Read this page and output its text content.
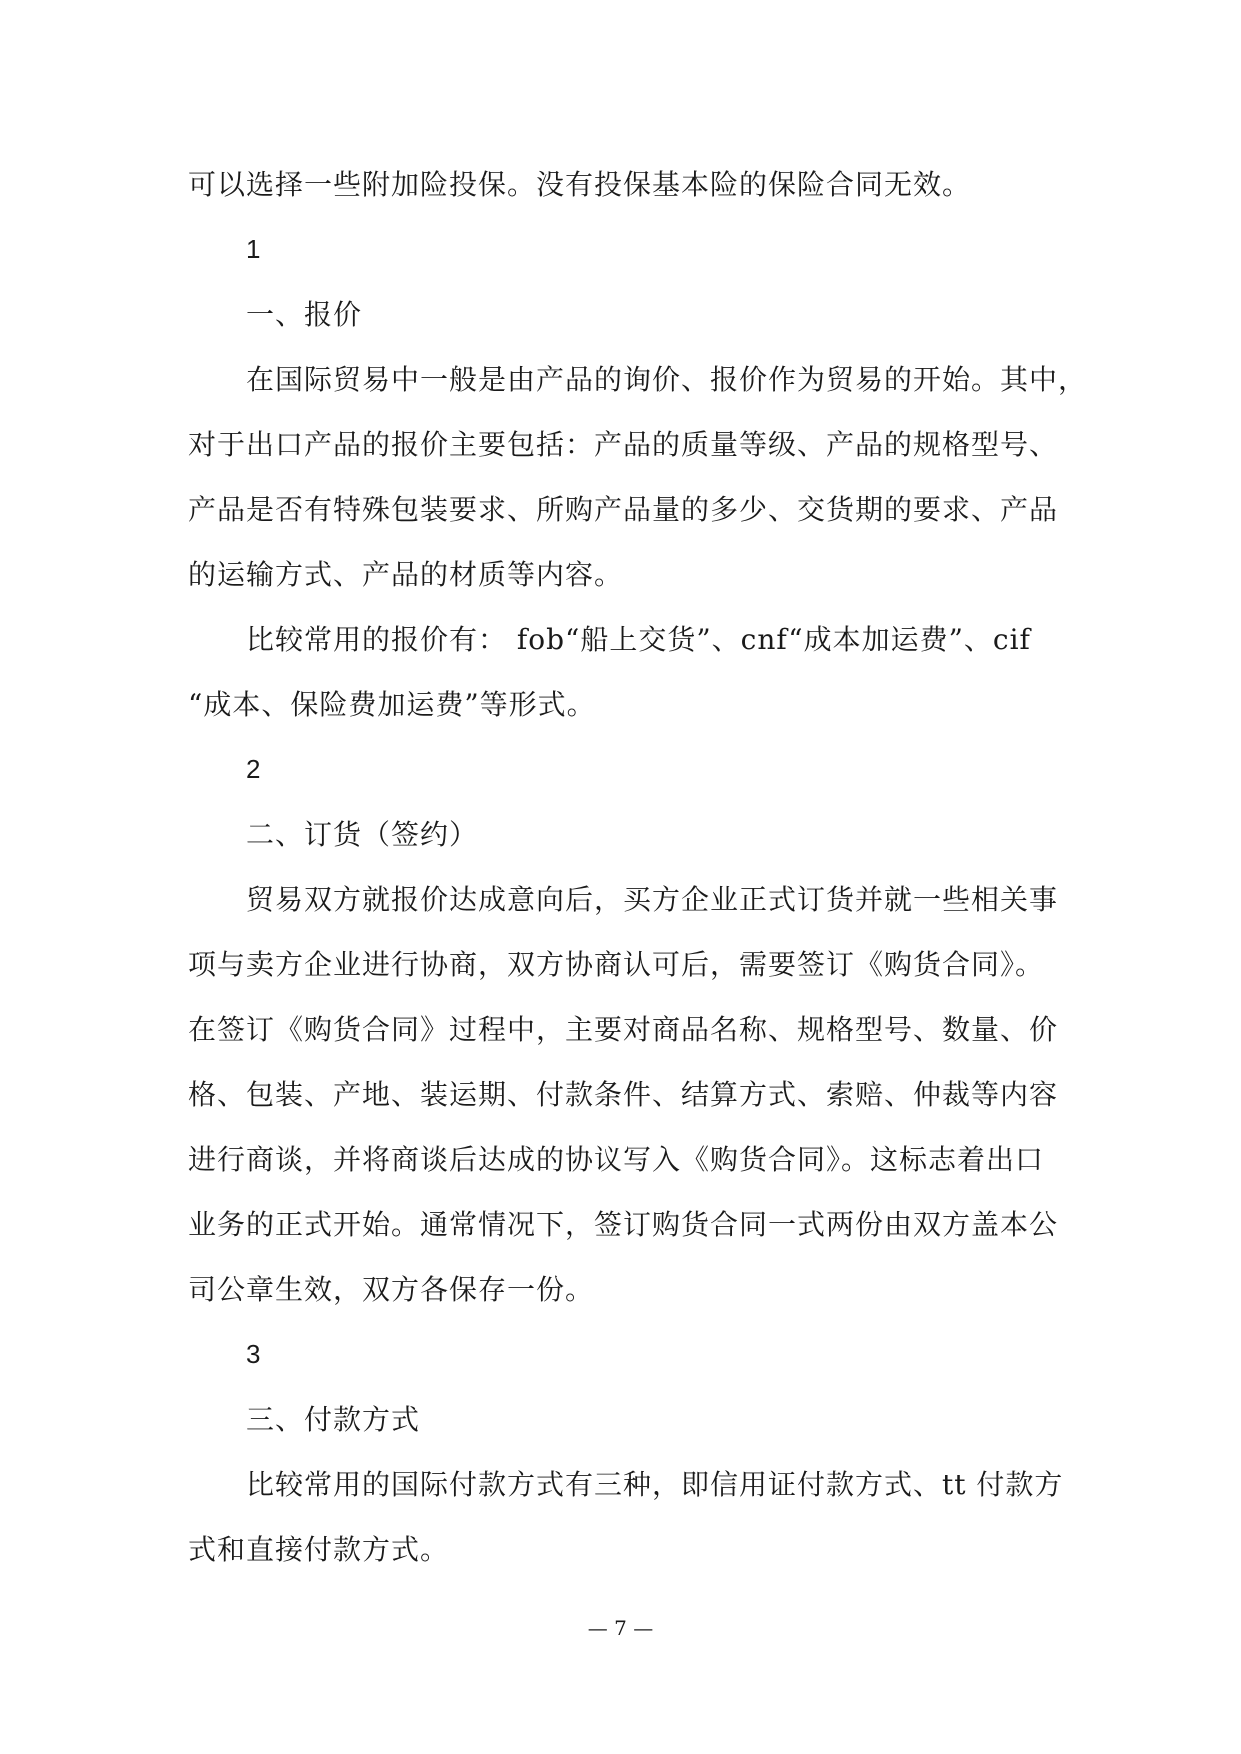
可以选择一些附加险投保。没有投保基本险的保险合同无效。
1
一、报价
在国际贸易中一般是由产品的询价、报价作为贸易的开始。其中，
对于出口产品的报价主要包括：产品的质量等级、产品的规格型号、
产品是否有特殊包装要求、所购产品量的多少、交货期的要求、产品
的运输方式、产品的材质等内容。
比较常用的报价有： fob“船上交货”、cnf“成本加运费”、cif
“成本、保险费加运费”等形式。
2
二、订货（签约）
贸易双方就报价达成意向后，买方企业正式订货并就一些相关事
项与卖方企业进行协商，双方协商认可后，需要签订《购货合同》。
在签订《购货合同》过程中，主要对商品名称、规格型号、数量、价
格、包装、产地、装运期、付款条件、结算方式、索赔、仲裁等内容
进行商谈，并将商谈后达成的协议写入《购货合同》。这标志着出口
业务的正式开始。通常情况下，签订购货合同一式两份由双方盖本公
司公章生效，双方各保存一份。
3
三、付款方式
比较常用的国际付款方式有三种，即信用证付款方式、tt 付款方
式和直接付款方式。
— 7 —
